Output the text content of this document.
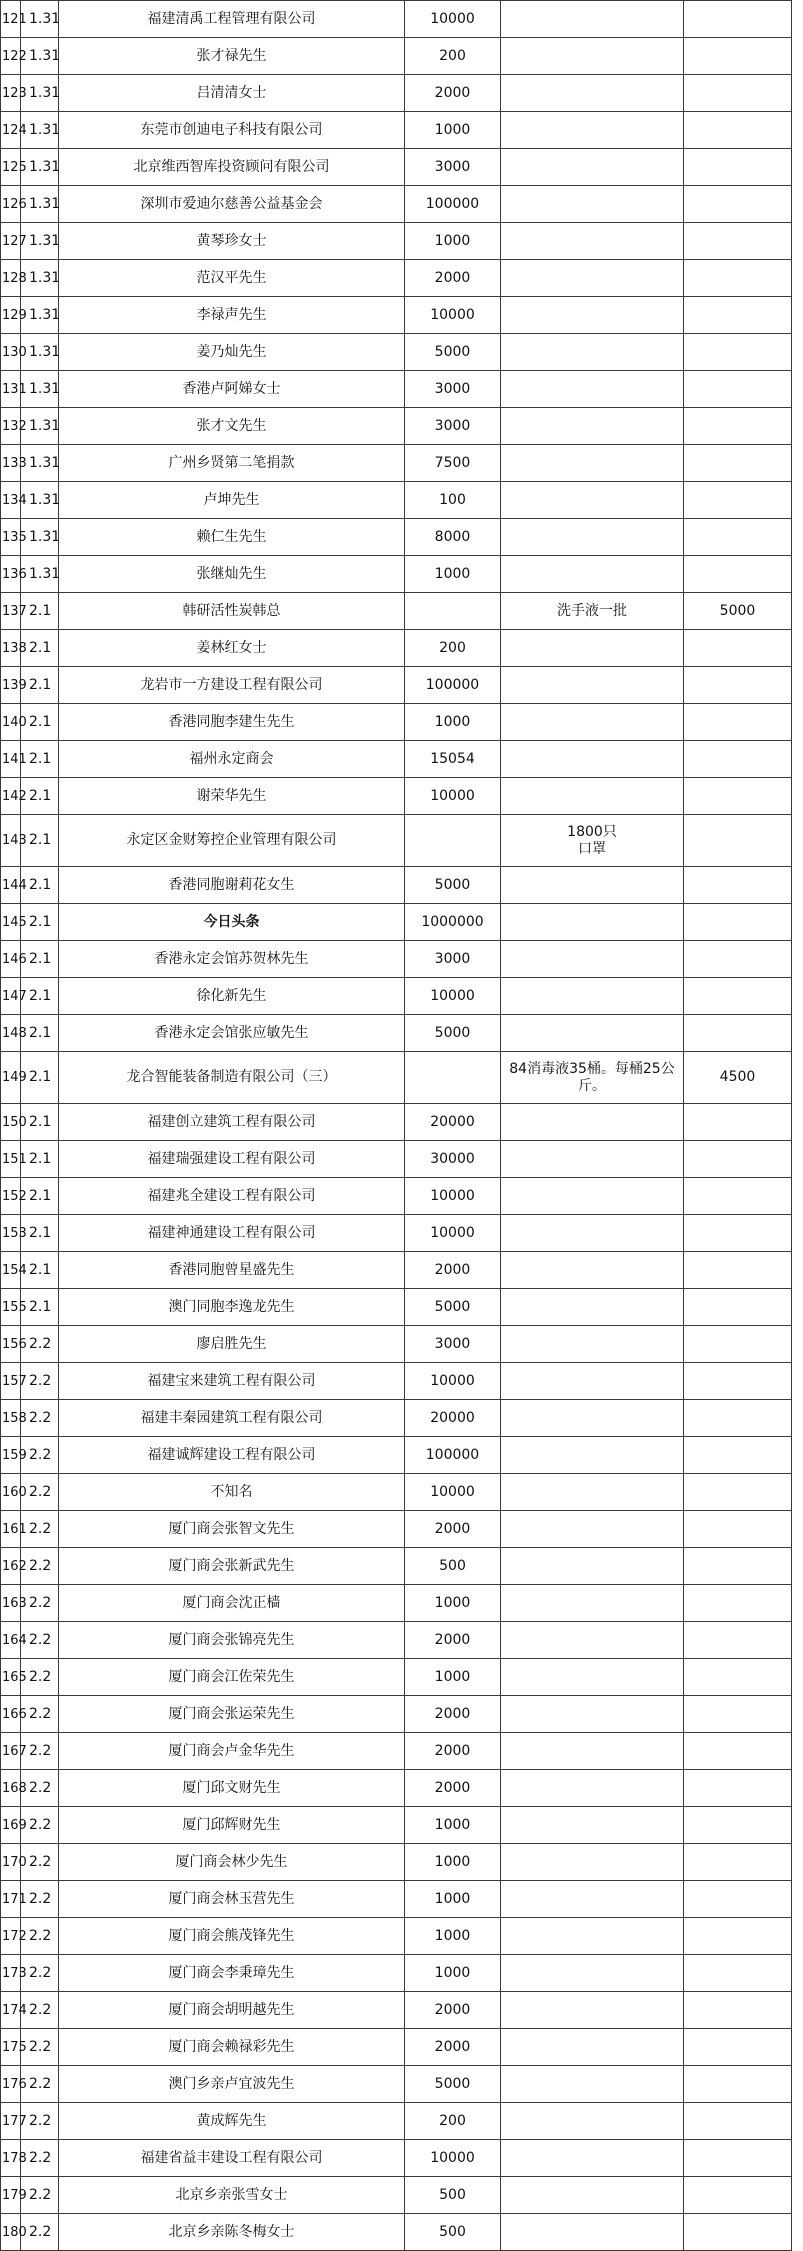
121	1.31	福建清禹工程管理有限公司	10000		
122	1.31	张才禄先生	200		
123	1.31	吕清清女士	2000		
124	1.31	东莞市创迪电子科技有限公司	1000		
125	1.31	北京维西智库投资顾问有限公司	3000		
126	1.31	深圳市爱迪尔慈善公益基金会	100000		
127	1.31	黄琴珍女士	1000		
128	1.31	范汉平先生	2000		
129	1.31	李禄声先生	10000		
130	1.31	姜乃灿先生	5000		
131	1.31	香港卢阿娣女士	3000		
132	1.31	张才文先生	3000		
133	1.31	广州乡贤第二笔捐款	7500		
134	1.31	卢坤先生	100		
135	1.31	赖仁生先生	8000		
136	1.31	张继灿先生	1000		
137	2.1	韩研活性炭韩总		洗手液一批	5000
138	2.1	姜林红女士	200		
139	2.1	龙岩市一方建设工程有限公司	100000		
140	2.1	香港同胞李建生先生	1000		
141	2.1	福州永定商会	15054		
142	2.1	谢荣华先生	10000		
143	2.1	永定区金财筹控企业管理有限公司		1800只
口罩	
144	2.1	香港同胞谢莉花女生	5000		
145	2.1	今日头条	1000000		
146	2.1	香港永定会馆苏贺林先生	3000		
147	2.1	徐化新先生	10000		
148	2.1	香港永定会馆张应敏先生	5000		
149	2.1	龙合智能装备制造有限公司（三）		84消毒液35桶。每桶25公
斤。	4500
150	2.1	福建创立建筑工程有限公司	20000		
151	2.1	福建瑞强建设工程有限公司	30000		
152	2.1	福建兆全建设工程有限公司	10000		
153	2.1	福建神通建设工程有限公司	10000		
154	2.1	香港同胞曾星盛先生	2000		
155	2.1	澳门同胞李逸龙先生	5000		
156	2.2	廖启胜先生	3000		
157	2.2	福建宝来建筑工程有限公司	10000		
158	2.2	福建丰秦园建筑工程有限公司	20000		
159	2.2	福建诚辉建设工程有限公司	100000		
160	2.2	不知名	10000		
161	2.2	厦门商会张智文先生	2000		
162	2.2	厦门商会张新武先生	500		
163	2.2	厦门商会沈正樯	1000		
164	2.2	厦门商会张锦亮先生	2000		
165	2.2	厦门商会江佐荣先生	1000		
166	2.2	厦门商会张运荣先生	2000		
167	2.2	厦门商会卢金华先生	2000		
168	2.2	厦门邱文财先生	2000		
169	2.2	厦门邱辉财先生	1000		
170	2.2	厦门商会林少先生	1000		
171	2.2	厦门商会林玉营先生	1000		
172	2.2	厦门商会熊茂锋先生	1000		
173	2.2	厦门商会李秉璋先生	1000		
174	2.2	厦门商会胡明越先生	2000		
175	2.2	厦门商会赖禄彩先生	2000		
176	2.2	澳门乡亲卢宜波先生	5000		
177	2.2	黄成辉先生	200		
178	2.2	福建省益丰建设工程有限公司	10000		
179	2.2	北京乡亲张雪女士	500		
180	2.2	北京乡亲陈冬梅女士	500		
